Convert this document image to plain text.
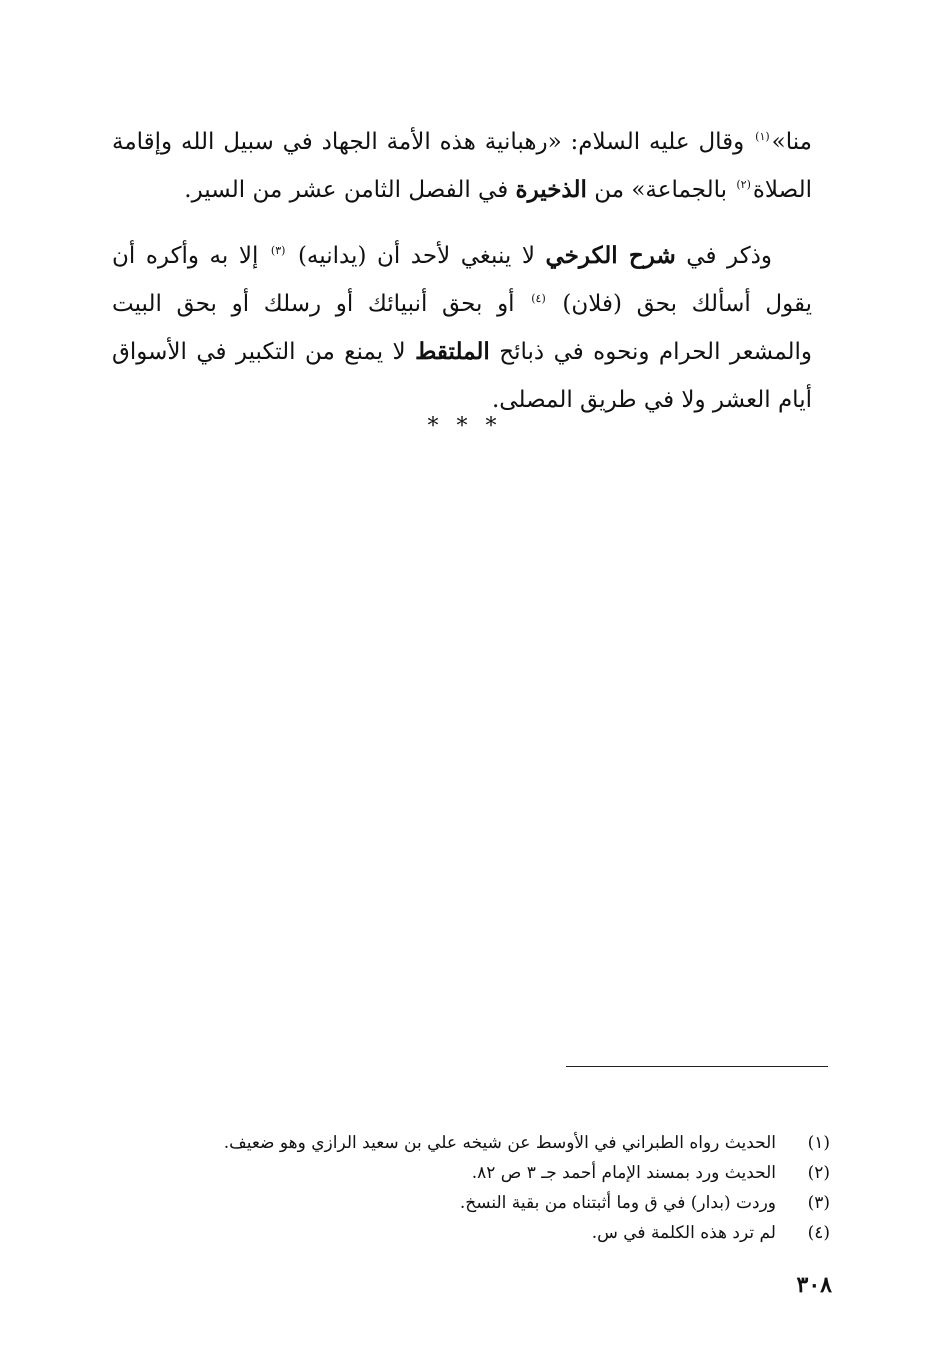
منا»$^{(١)}$ وقال عليه السلام: «رهبانية هذه الأمة الجهاد في سبيل الله وإقامة الصلاة$^{(٢)}$ بالجماعة» من الذخيرة في الفصل الثامن عشر من السير.

وذكر في شرح الكرخي لا ينبغي لأحد أن (يدانيه) $^{(٣)}$ إلا به وأكره أن يقول أسألك بحق (فلان) $^{(٤)}$ أو بحق أنبيائك أو رسلك أو بحق البيت والمشعر الحرام ونحوه في ذبائح الملتقط لا يمنع من التكبير في الأسواق أيام العشر ولا في طريق المصلى.

***
(١)
الحديث رواه الطبراني في الأوسط عن شيخه علي بن سعيد الرازي وهو ضعيف.
(٢)
الحديث ورد بمسند الإمام أحمد جـ ٣ ص ٨٢.
(٣)
وردت (بدار) في ق وما أثبتناه من بقية النسخ.
(٤)
لم ترد هذه الكلمة في س.
٣٠٨
